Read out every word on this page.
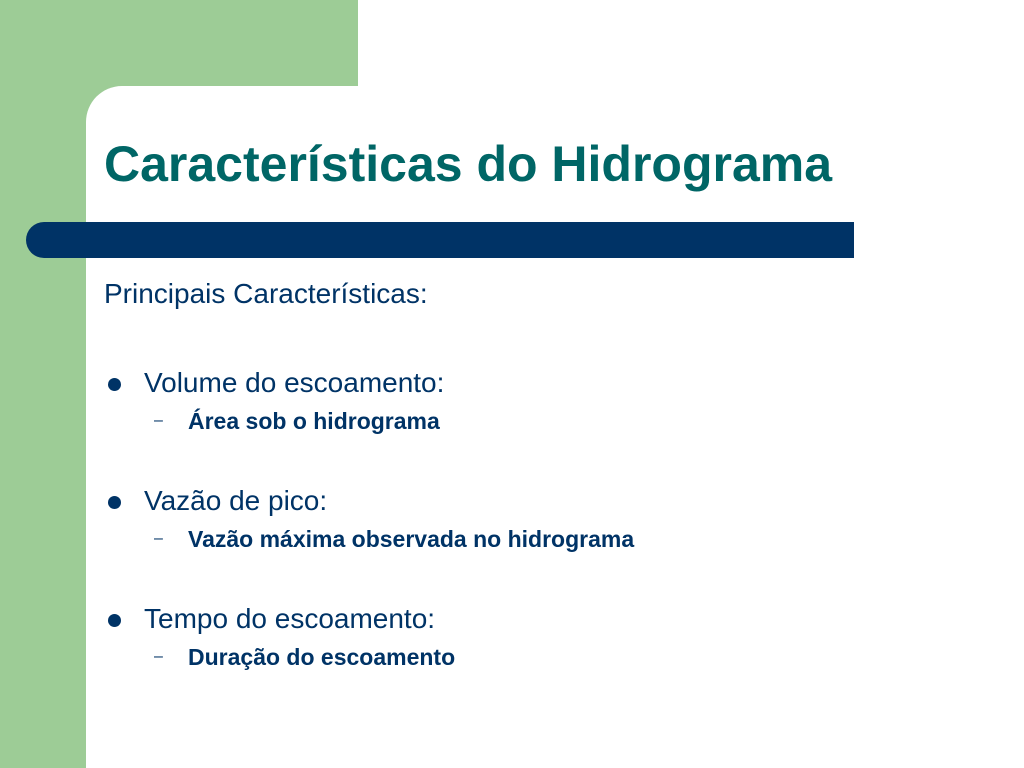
Características do Hidrograma
Principais Características:
Volume do escoamento:
– Área sob o hidrograma
Vazão de pico:
– Vazão máxima observada no hidrograma
Tempo do escoamento:
– Duração do escoamento
